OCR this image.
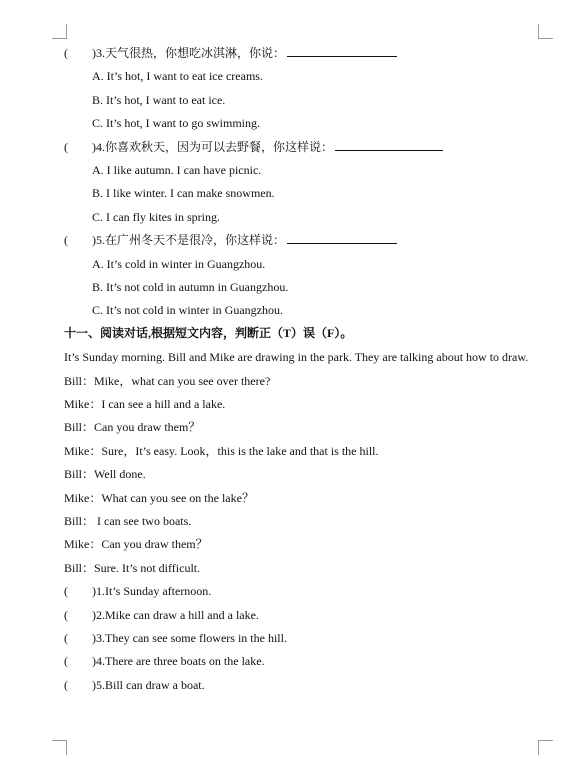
( )3.天气很热，你想吃冰淇淋，你说：
A. It’s hot, I want to eat ice creams.
B. It’s hot, I want to eat ice.
C. It’s hot, I want to go swimming.
( )4.你喜欢秋天，因为可以去野餐，你这样说：
A. I like autumn. I can have picnic.
B. I like winter. I can make snowmen.
C. I can fly kites in spring.
( )5.在广州冬天不是很冷，你这样说：
A. It’s cold in winter in Guangzhou.
B. It’s not cold in autumn in Guangzhou.
C. It’s not cold in winter in Guangzhou.
十一、阅读对话,根据短文内容，判断正（T）误（F）。
It’s Sunday morning. Bill and Mike are drawing in the park. They are talking about how to draw.
Bill：Mike，what can you see over there?
Mike：I can see a hill and a lake.
Bill：Can you draw them？
Mike：Sure，It’s easy. Look，this is the lake and that is the hill.
Bill：Well done.
Mike：What can you see on the lake？
Bill： I can see two boats.
Mike：Can you draw them？
Bill：Sure. It’s not difficult.
( )1.It’s Sunday afternoon.
( )2.Mike can draw a hill and a lake.
( )3.They can see some flowers in the hill.
( )4.There are three boats on the lake.
( )5.Bill can draw a boat.
